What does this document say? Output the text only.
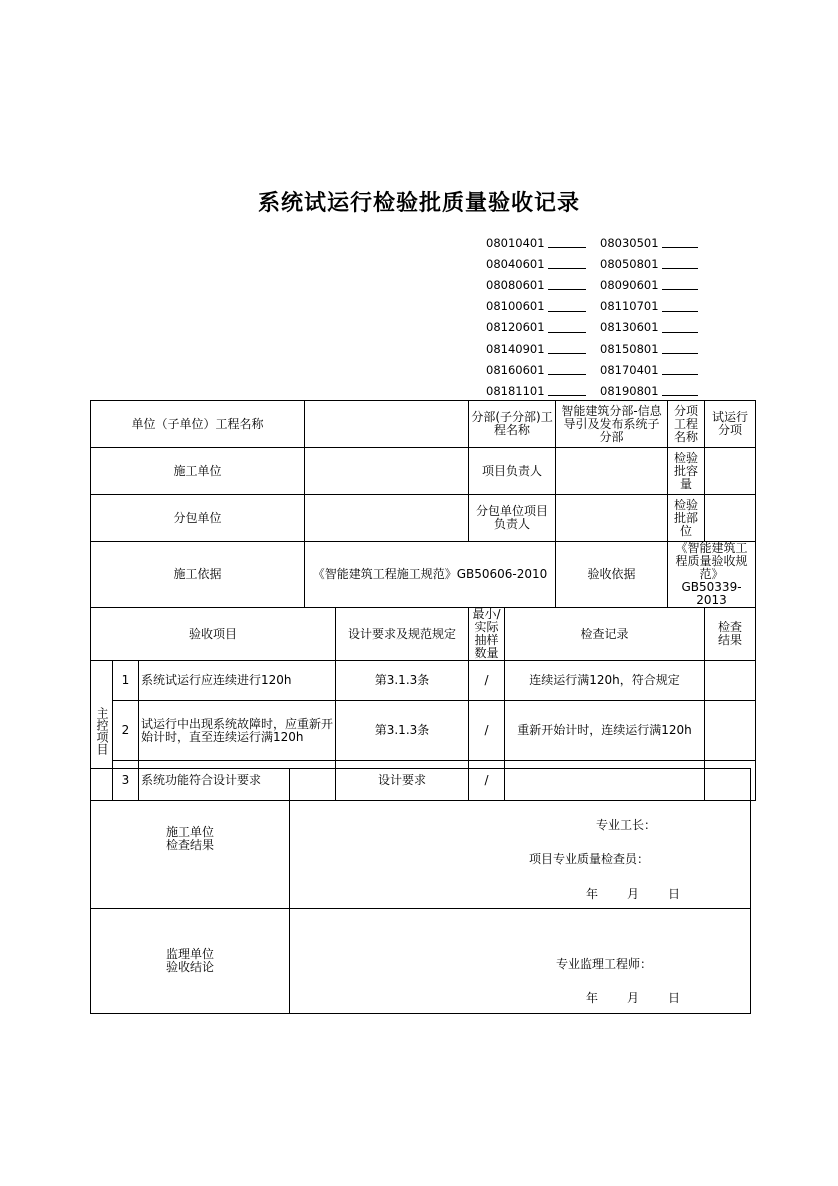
系统试运行检验批质量验收记录
08010401	08030501
08040601	08050801
08080601	08090601
08100601	08110701
08120601	08130601
08140901	08150801
08160601	08170401
08181101	08190801
单位（子单位）工程名称					分部(子分部)工程名称		智能建筑分部-信息导引及发布系统子分部	分项工程名称	试运行分项
施工单位					项目负责人			检验批容量	
分包单位					分包单位项目负责人			检验批部位	
施工依据			《智能建筑工程施工规范》GB50606-2010				验收依据	《智能建筑工程质量验收规范》GB50339-2013	
验收项目				设计要求及规范规定	最小/实际抽样数量	检查记录			检查结果
主控项目	1	系统试运行应连续进行120h		第3.1.3条	/	连续运行满120h，符合规定			
	2	试运行中出现系统故障时，应重新开始计时，直至连续运行满120h		第3.1.3条	/	重新开始计时，连续运行满120h			
	3	系统功能符合设计要求		设计要求	/				
施工单位检查结果	专业工长：
项目专业质量检查员：
年 月 日

监理单位验收结论	专业监理工程师：
年 月 日
